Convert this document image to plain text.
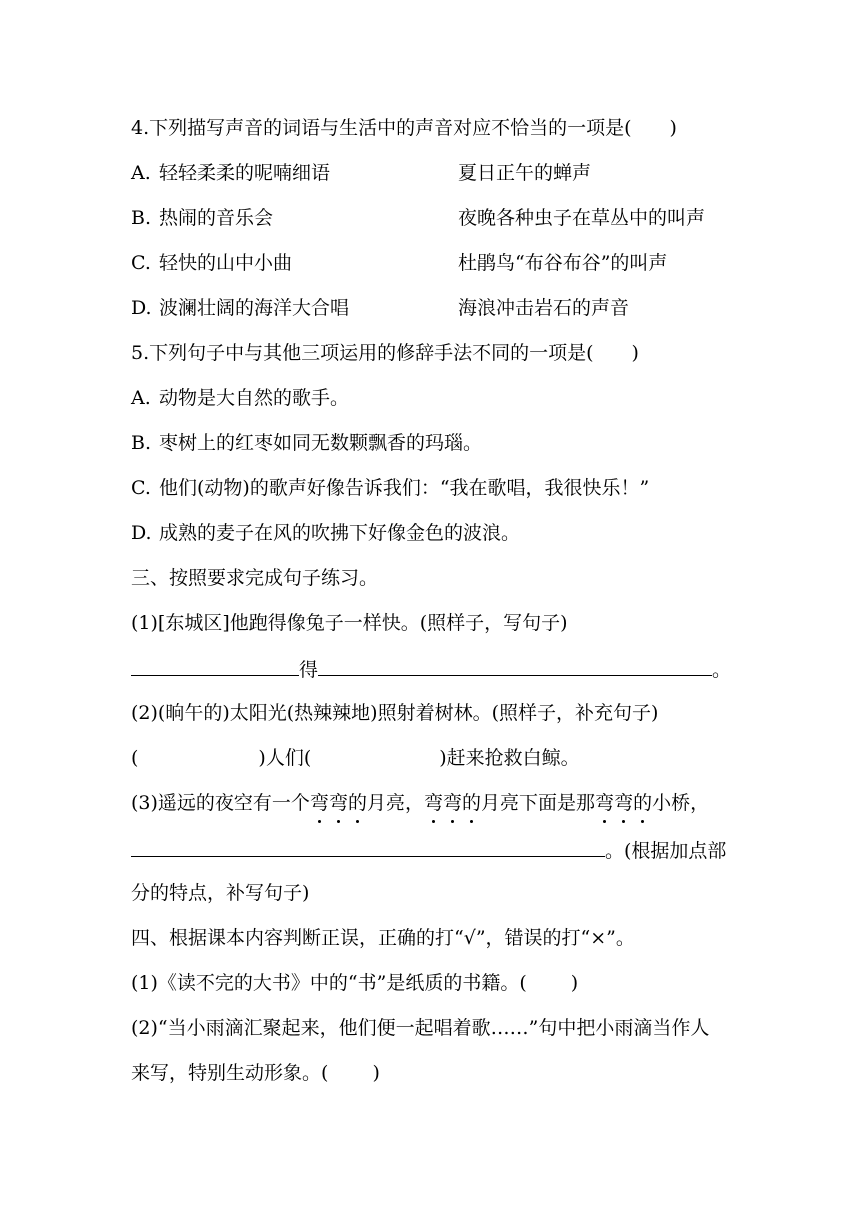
4.下列描写声音的词语与生活中的声音对应不恰当的一项是(　　)
A. 轻轻柔柔的呢喃细语	夏日正午的蝉声
B. 热闹的音乐会	夜晚各种虫子在草丛中的叫声
C. 轻快的山中小曲	杜鹃鸟“布谷布谷”的叫声
D. 波澜壮阔的海洋大合唱	海浪冲击岩石的声音
5.下列句子中与其他三项运用的修辞手法不同的一项是(　　)
A. 动物是大自然的歌手。
B. 枣树上的红枣如同无数颗飘香的玛瑙。
C. 他们(动物)的歌声好像告诉我们：“我在歌唱，我很快乐！”
D. 成熟的麦子在风的吹拂下好像金色的波浪。
三、按照要求完成句子练习。
(1)[东城区]他跑得像兔子一样快。(照样子，写句子)
得	。
(2)(晌午的)太阳光(热辣辣地)照射着树林。(照样子，补充句子)
(	)人们(	)赶来抢救白鲸。
(3)遥远的夜空有一个弯弯的月亮，弯弯的月亮下面是那弯弯的小桥，
。(根据加点部
分的特点，补写句子)
四、根据课本内容判断正误，正确的打“√”，错误的打“×”。
(1)《读不完的大书》中的“书”是纸质的书籍。(　　 )
(2)“当小雨滴汇聚起来，他们便一起唱着歌……”句中把小雨滴当作人
来写，特别生动形象。(　　 )
